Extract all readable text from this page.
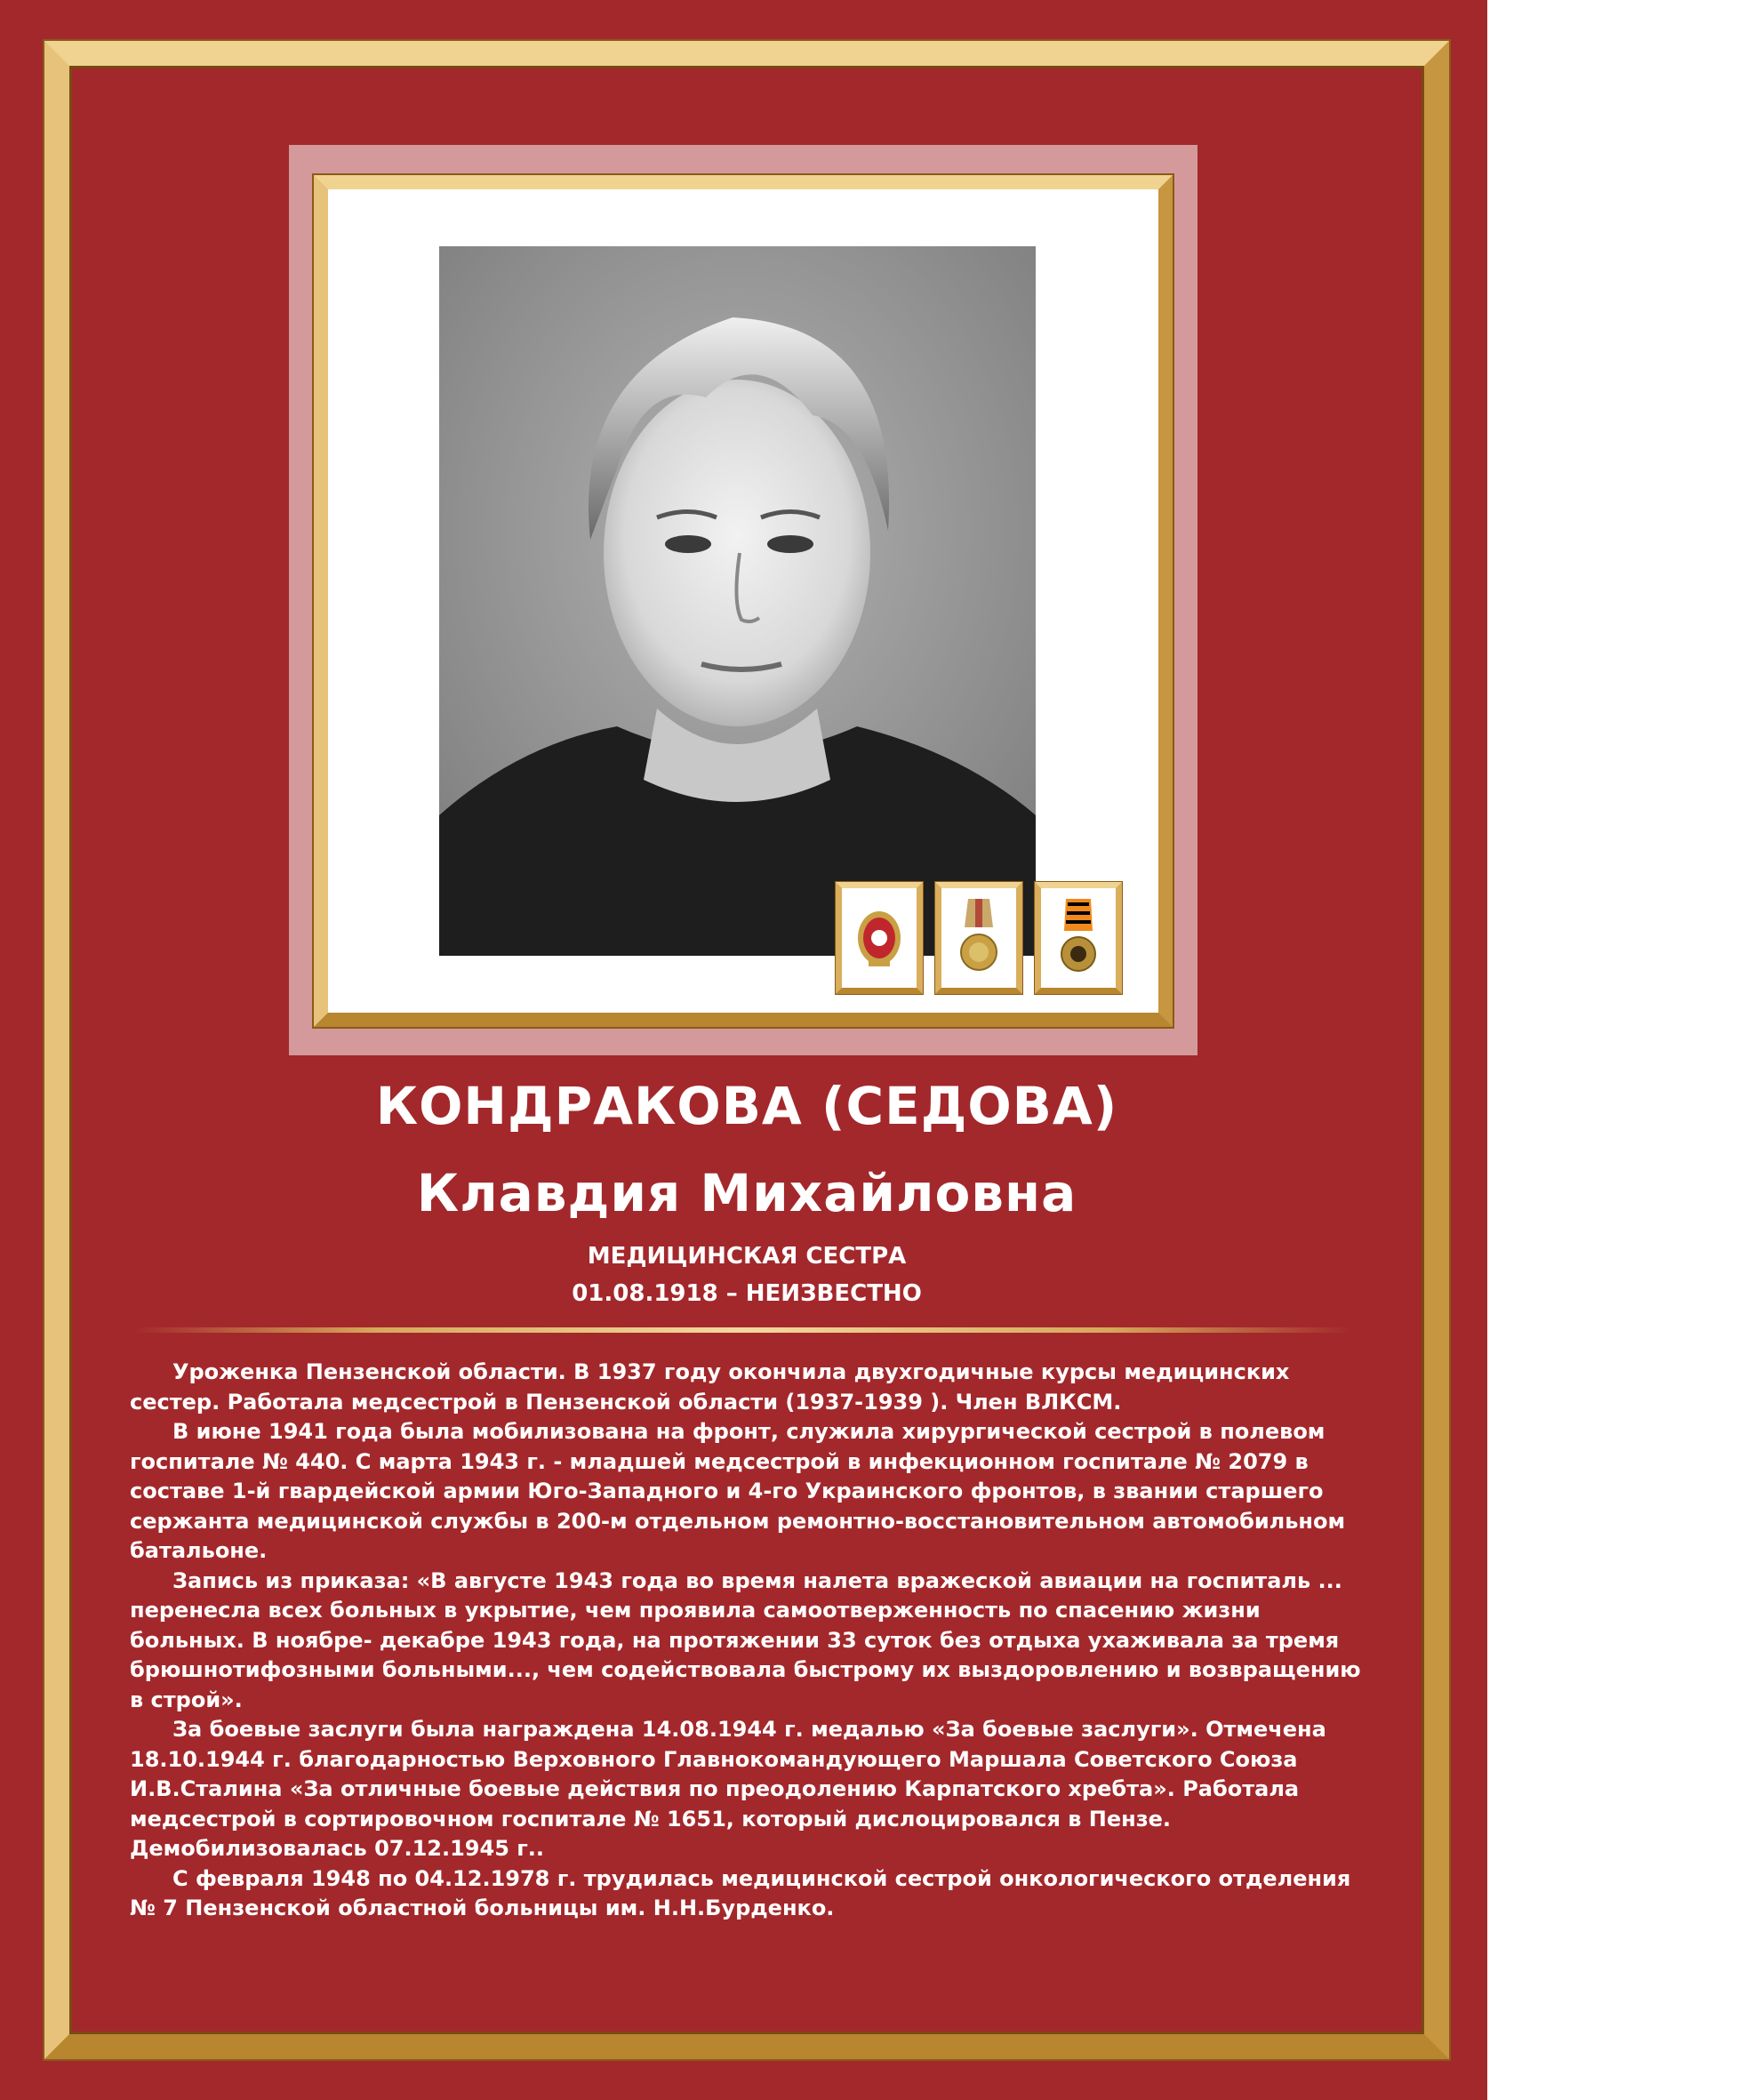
КОНДРАКОВА (СЕДОВА)
Клавдия Михайловна
МЕДИЦИНСКАЯ СЕСТРА
01.08.1918 – НЕИЗВЕСТНО

Уроженка Пензенской области. В 1937 году окончила двухгодичные курсы медицинских сестер. Работала медсестрой в Пензенской области (1937-1939 ). Член ВЛКСМ.

В июне 1941 года была мобилизована на фронт, служила хирургической сестрой в полевом госпитале № 440. С марта 1943 г. - младшей медсестрой в инфекционном госпитале № 2079 в составе 1-й гвардейской армии Юго-Западного и 4-го Украинского фронтов, в звании старшего сержанта медицинской службы в 200-м отдельном ремонтно-восстановительном автомобильном батальоне.

Запись из приказа: «В августе 1943 года во время налета вражеской авиации на госпиталь ... перенесла всех больных в укрытие, чем проявила самоотверженность по спасению жизни больных. В ноябре- декабре 1943 года, на протяжении 33 суток без отдыха ухаживала за тремя брюшнотифозными больными..., чем содействовала быстрому их выздоровлению и возвращению в строй».

За боевые заслуги была награждена 14.08.1944 г. медалью «За боевые заслуги». Отмечена 18.10.1944 г. благодарностью Верховного Главнокомандующего Маршала Советского Союза И.В.Сталина «За отличные боевые действия по преодолению Карпатского хребта». Работала медсестрой в сортировочном госпитале № 1651, который дислоцировался в Пензе. Демобилизовалась 07.12.1945 г..

С февраля 1948 по 04.12.1978 г. трудилась медицинской сестрой онкологического отделения № 7 Пензенской областной больницы им. Н.Н.Бурденко.
